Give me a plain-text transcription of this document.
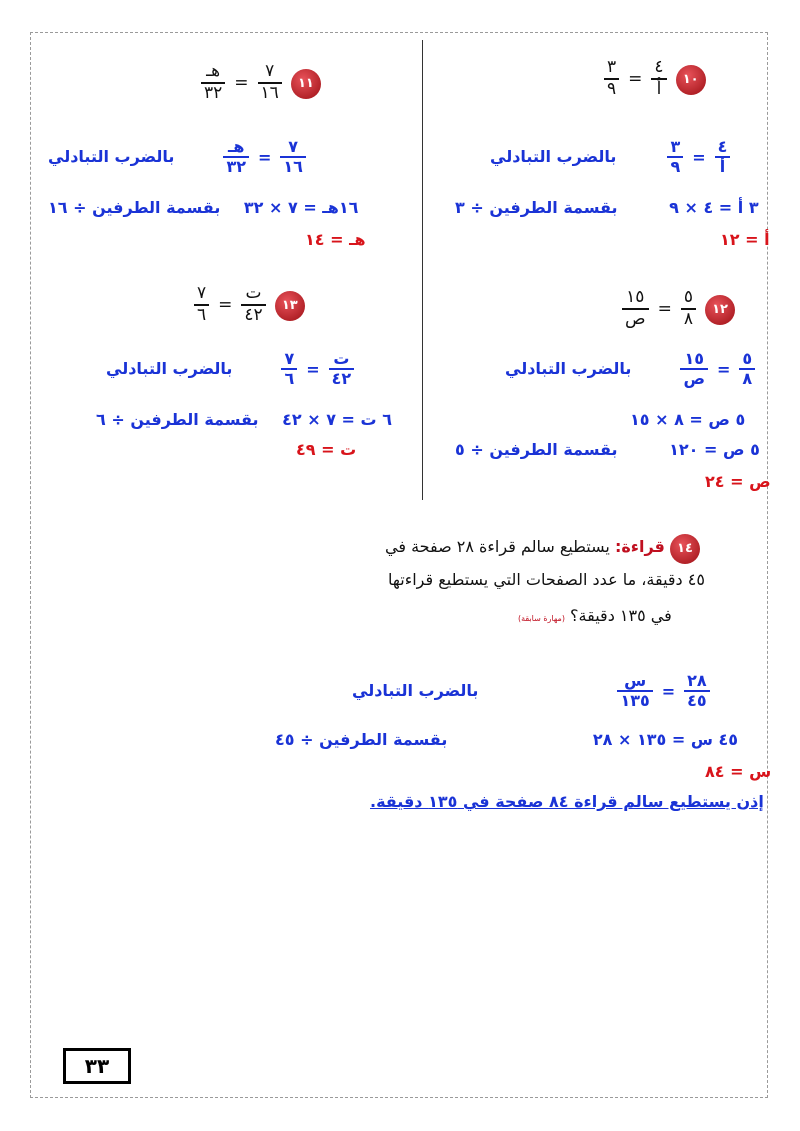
١٠
$\frac{٤}{\text{أ}}$
=
$\frac{٣}{٩}$
$\frac{٤}{\text{أ}}$
=
$\frac{٣}{٩}$
بالضرب التبادلي
٣ أ = ٤ × ٩ بقسمة الطرفين ÷ ٣
أ = ١٢
١١
$\frac{٧}{١٦}$
=
$\frac{\text{هـ}}{٣٢}$
$\frac{٧}{١٦}$
=
$\frac{\text{هـ}}{٣٢}$
بالضرب التبادلي
١٦هـ = ٧ × ٣٢ بقسمة الطرفين ÷ ١٦
هـ = ١٤
١٢
$\frac{٥}{٨}$
=
$\frac{١٥}{\text{ص}}$
$\frac{٥}{٨}$
=
$\frac{١٥}{\text{ص}}$
بالضرب التبادلي
٥ ص = ٨ × ١٥
٥ ص = ١٢٠ بقسمة الطرفين ÷ ٥
ص = ٢٤
١٣
$\frac{\text{ت}}{٤٢}$
=
$\frac{٧}{٦}$
$\frac{\text{ت}}{٤٢}$
=
$\frac{٧}{٦}$
بالضرب التبادلي
٦ ت = ٧ × ٤٢ بقسمة الطرفين ÷ ٦
ت = ٤٩
١٤ قراءة: يستطيع سالم قراءة ٢٨ صفحة في
٤٥ دقيقة، ما عدد الصفحات التي يستطيع قراءتها
في ١٣٥ دقيقة؟ (مهارة سابقة)
$\frac{٢٨}{٤٥}$
=
$\frac{\text{س}}{١٣٥}$
بالضرب التبادلي
٤٥ س = ١٣٥ × ٢٨ بقسمة الطرفين ÷ ٤٥
س = ٨٤
إذن يستطيع سالم قراءة ٨٤ صفحة في ١٣٥ دقيقة.
٣٣
